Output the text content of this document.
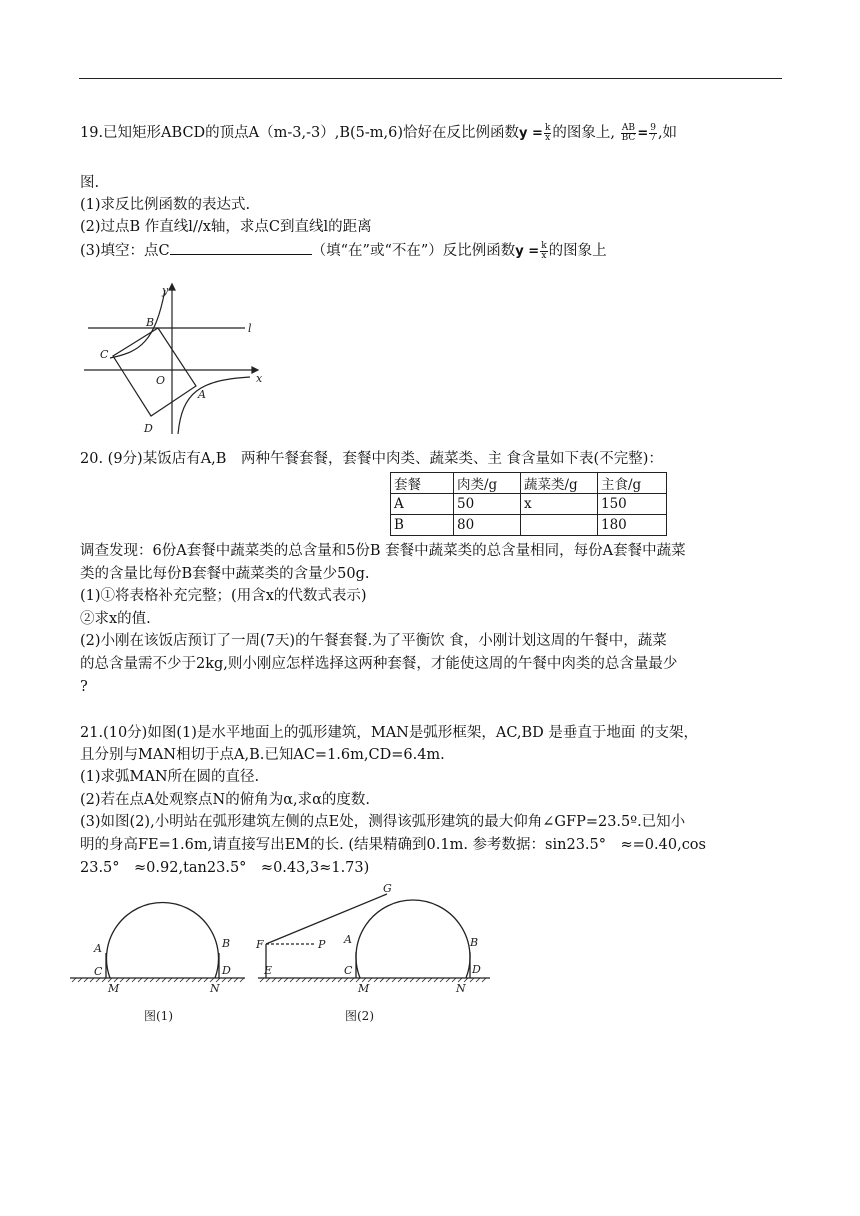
19.已知矩形ABCD的顶点A（m-3,-3）,B(5-m,6)恰好在反比例函数$y = \frac{k}{x}$ 的图象上, $\frac{AB}{BC} = \frac{9}{7}$ ,如
图.
(1)求反比例函数的表达式.
(2)过点B 作直线l//x轴，求点C到直线l的距离
(3)填空：点C	（填“在”或“不在”）反比例函数$y = \frac{k}{x}$ 的图象上
y
B	l
C
O	x
A
D
20. (9分)某饭店有A,B　两种午餐套餐，套餐中肉类、蔬菜类、主 食含量如下表(不完整)：
套餐	肉类/g	蔬菜类/g	主食/g
A	50	x	150
B	80		180
调查发现：6份A套餐中蔬菜类的总含量和5份B 套餐中蔬菜类的总含量相同，每份A套餐中蔬菜
类的含量比每份B套餐中蔬菜类的含量少50g.
(1)①将表格补充完整；(用含x的代数式表示)
②求x的值.
(2)小刚在该饭店预订了一周(7天)的午餐套餐.为了平衡饮 食，小刚计划这周的午餐中，蔬菜
的总含量需不少于2kg,则小刚应怎样选择这两种套餐，才能使这周的午餐中肉类的总含量最少
?
21.(10分)如图(1)是水平地面上的弧形建筑，MAN是弧形框架，AC,BD 是垂直于地面 的支架，
且分别与MAN相切于点A,B.已知AC=1.6m,CD=6.4m.
(1)求弧MAN所在圆的直径.
(2)若在点A处观察点N的俯角为α,求α的度数.
(3)如图(2),小明站在弧形建筑左侧的点E处，测得该弧形建筑的最大仰角∠GFP=23.5º.已知小
明的身高FE=1.6m,请直接写出EM的长. (结果精确到0.1m. 参考数据：sin23.5°　≈=0.40,cos
23.5°　≈0.92,tan23.5°　≈0.43,3≈1.73)
A	B
C	D
M	N
图(1)
G
F	P A	B
E	C	D
M	N
图(2)
